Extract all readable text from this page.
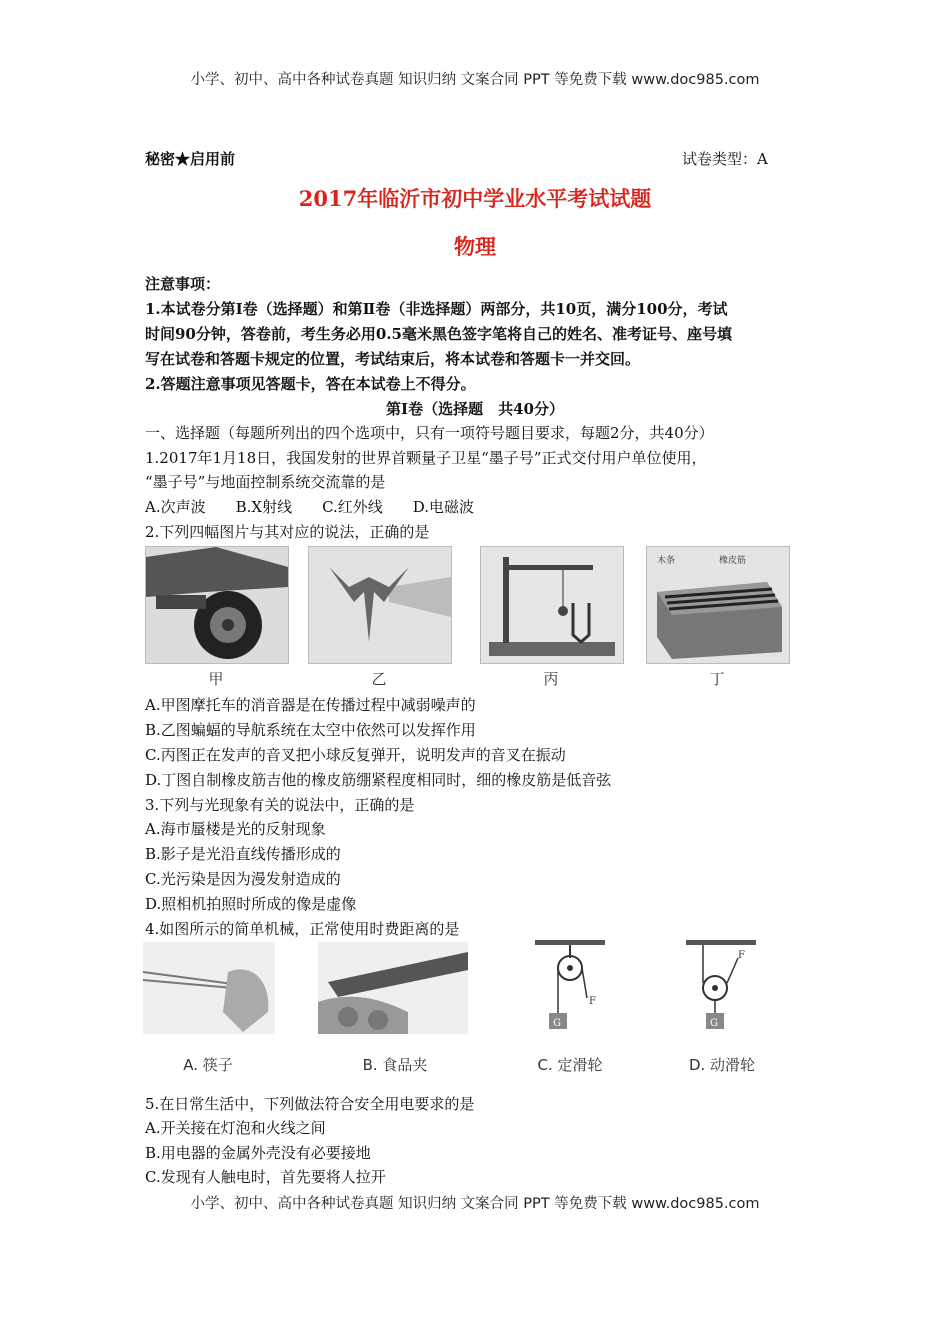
小学、初中、高中各种试卷真题 知识归纳 文案合同 PPT 等免费下载 www.doc985.com
秘密★启用前	试卷类型：A
2017年临沂市初中学业水平考试试题
物理
注意事项：
1.本试卷分第Ⅰ卷（选择题）和第Ⅱ卷（非选择题）两部分，共10页，满分100分，考试
时间90分钟，答卷前，考生务必用0.5毫米黑色签字笔将自己的姓名、准考证号、座号填
写在试卷和答题卡规定的位置，考试结束后，将本试卷和答题卡一并交回。
2.答题注意事项见答题卡，答在本试卷上不得分。
第Ⅰ卷（选择题　共40分）
一、选择题（每题所列出的四个选项中，只有一项符号题目要求，每题2分，共40分）
1.2017年1月18日，我国发射的世界首颗量子卫星“墨子号”正式交付用户单位使用，
“墨子号”与地面控制系统交流靠的是
A.次声波　　B.X射线　　C.红外线　　D.电磁波
2.下列四幅图片与其对应的说法，正确的是
木条	橡皮筋
甲	乙	丙	丁
A.甲图摩托车的消音器是在传播过程中减弱噪声的
B.乙图蝙蝠的导航系统在太空中依然可以发挥作用
C.丙图正在发声的音叉把小球反复弹开，说明发声的音叉在振动
D.丁图自制橡皮筋吉他的橡皮筋绷紧程度相同时，细的橡皮筋是低音弦
3.下列与光现象有关的说法中，正确的是
A.海市蜃楼是光的反射现象
B.影子是光沿直线传播形成的
C.光污染是因为漫发射造成的
D.照相机拍照时所成的像是虚像
4.如图所示的简单机械，正常使用时费距离的是
F
G
F
G
A. 筷子	B. 食品夹	C. 定滑轮	D. 动滑轮
5.在日常生活中，下列做法符合安全用电要求的是
A.开关接在灯泡和火线之间
B.用电器的金属外壳没有必要接地
C.发现有人触电时，首先要将人拉开
小学、初中、高中各种试卷真题 知识归纳 文案合同 PPT 等免费下载 www.doc985.com
